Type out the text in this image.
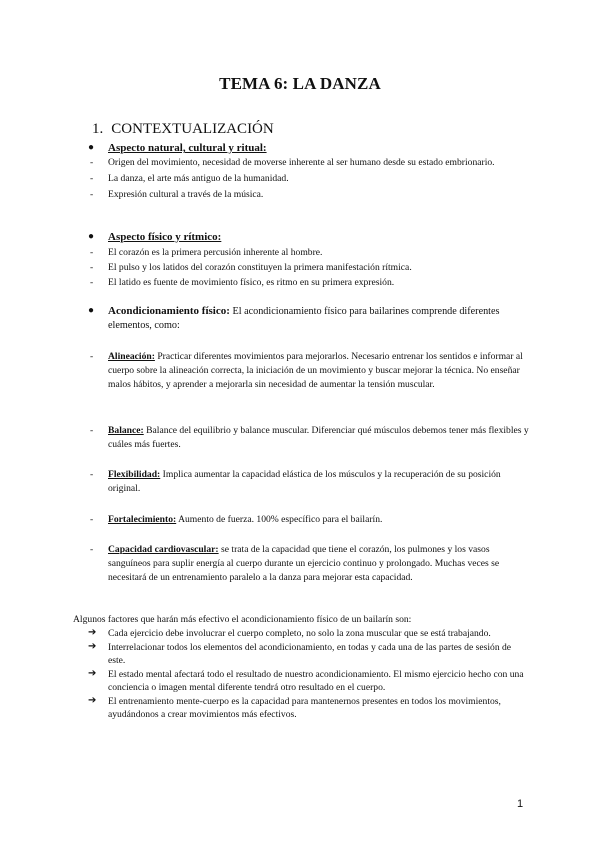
TEMA 6: LA DANZA
1. CONTEXTUALIZACIÓN
● Aspecto natural, cultural y ritual:
- Origen del movimiento, necesidad de moverse inherente al ser humano desde su estado embrionario.
- La danza, el arte más antiguo de la humanidad.
- Expresión cultural a través de la música.
● Aspecto físico y rítmico:
- El corazón es la primera percusión inherente al hombre.
- El pulso y los latidos del corazón constituyen la primera manifestación rítmica.
- El latido es fuente de movimiento físico, es ritmo en su primera expresión.
● Acondicionamiento físico: El acondicionamiento físico para bailarines comprende diferentes elementos, como:
-	Alineación: Practicar diferentes movimientos para mejorarlos. Necesario entrenar los sentidos e informar al cuerpo sobre la alineación correcta, la iniciación de un movimiento y buscar mejorar la técnica. No enseñar malos hábitos, y aprender a mejorarla sin necesidad de aumentar la tensión muscular.
-	Balance: Balance del equilibrio y balance muscular. Diferenciar qué músculos debemos tener más flexibles y cuáles más fuertes.
-	Flexibilidad: Implica aumentar la capacidad elástica de los músculos y la recuperación de su posición original.
-	Fortalecimiento: Aumento de fuerza. 100% específico para el bailarín.
-	Capacidad cardiovascular: se trata de la capacidad que tiene el corazón, los pulmones y los vasos sanguíneos para suplir energía al cuerpo durante un ejercicio continuo y prolongado. Muchas veces se necesitará de un entrenamiento paralelo a la danza para mejorar esta capacidad.
Algunos factores que harán más efectivo el acondicionamiento físico de un bailarín son:
➔ Cada ejercicio debe involucrar el cuerpo completo, no solo la zona muscular que se está trabajando.
➔ Interrelacionar todos los elementos del acondicionamiento, en todas y cada una de las partes de sesión de este.
➔ El estado mental afectará todo el resultado de nuestro acondicionamiento. El mismo ejercicio hecho con una conciencia o imagen mental diferente tendrá otro resultado en el cuerpo.
➔ El entrenamiento mente-cuerpo es la capacidad para mantenernos presentes en todos los movimientos, ayudándonos a crear movimientos más efectivos.
1
